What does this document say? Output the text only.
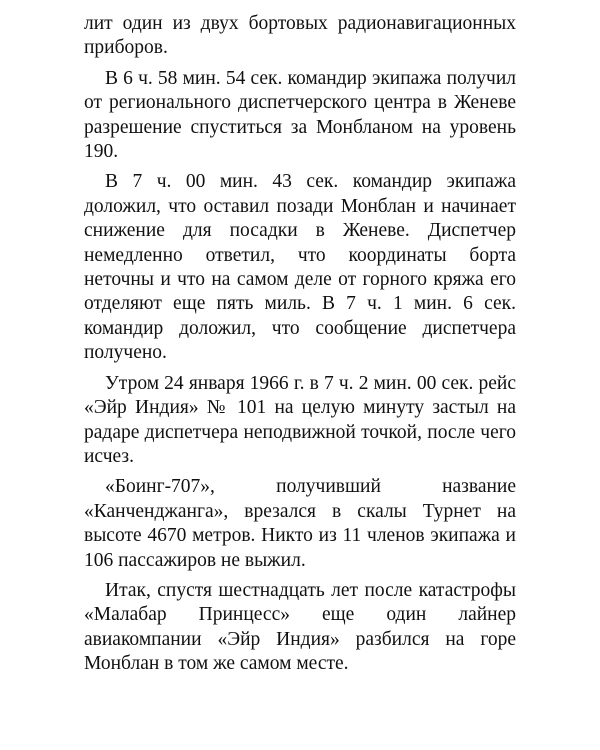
лит один из двух бортовых радионавигационных приборов.

В 6 ч. 58 мин. 54 сек. командир экипажа получил от регионального диспетчерского центра в Женеве разрешение спуститься за Монбланом на уровень 190.

В 7 ч. 00 мин. 43 сек. командир экипажа доложил, что оставил позади Монблан и начинает снижение для посадки в Женеве. Диспетчер немедленно ответил, что координаты борта неточны и что на самом деле от горного кряжа его отделяют еще пять миль. В 7 ч. 1 мин. 6 сек. командир доложил, что сообщение диспетчера получено.

Утром 24 января 1966 г. в 7 ч. 2 мин. 00 сек. рейс «Эйр Индия» № 101 на целую минуту застыл на радаре диспетчера неподвижной точкой, после чего исчез.

«Боинг-707», получивший название «Канченджанга», врезался в скалы Турнет на высоте 4670 метров. Никто из 11 членов экипажа и 106 пассажиров не выжил.

Итак, спустя шестнадцать лет после катастрофы «Малабар Принцесс» еще один лайнер авиакомпании «Эйр Индия» разбился на горе Монблан в том же самом месте.
